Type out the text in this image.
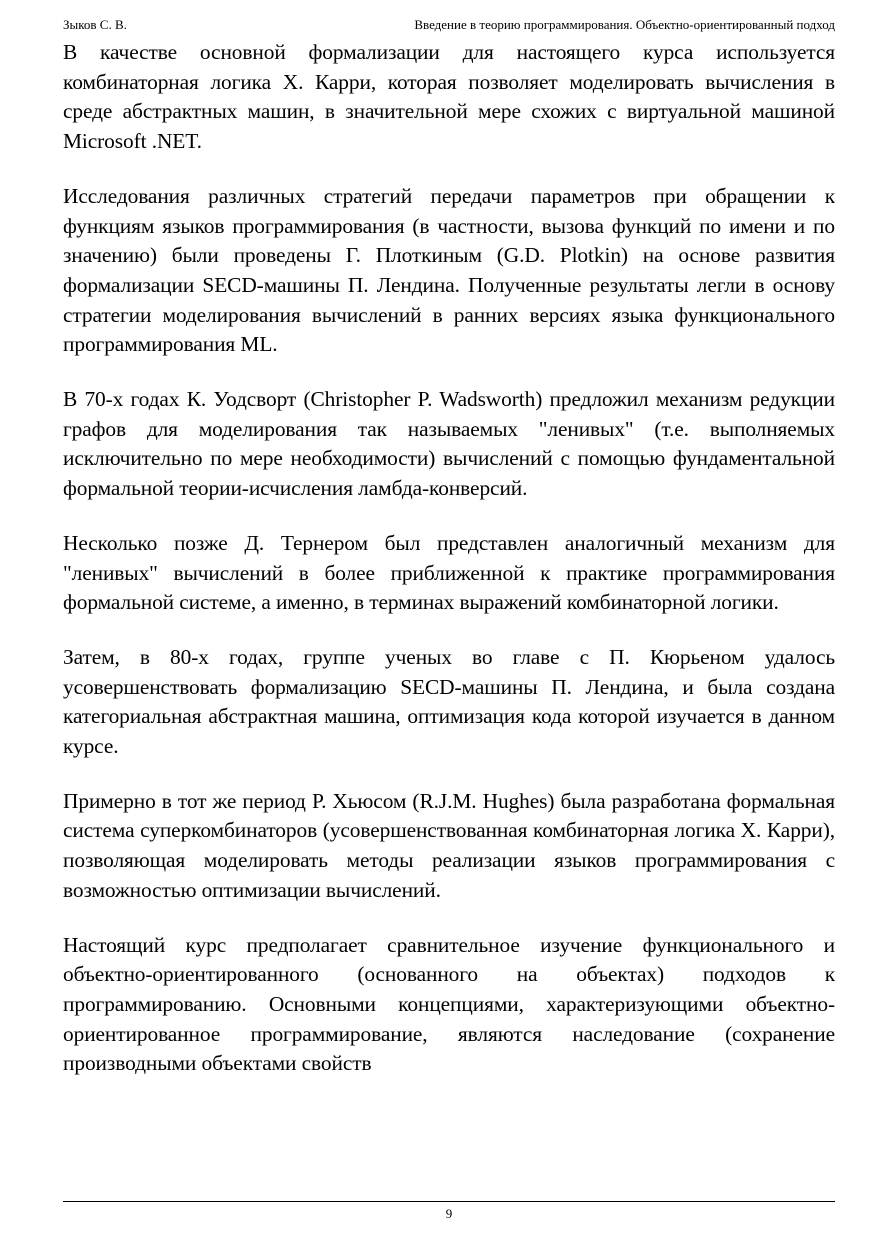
Зыков С. В.	Введение в теорию программирования. Объектно-ориентированный подход

В качестве основной формализации для настоящего курса используется комбинаторная логика Х. Карри, которая позволяет моделировать вычисления в среде абстрактных машин, в значительной мере схожих с виртуальной машиной Microsoft .NET.

Исследования различных стратегий передачи параметров при обращении к функциям языков программирования (в частности, вызова функций по имени и по значению) были проведены Г. Плоткиным (G.D. Plotkin) на основе развития формализации SECD-машины П. Лендина. Полученные результаты легли в основу стратегии моделирования вычислений в ранних версиях языка функционального программирования ML.

В 70-х годах К. Уодсворт (Christopher P. Wadsworth) предложил механизм редукции графов для моделирования так называемых "ленивых" (т.е. выполняемых исключительно по мере необходимости) вычислений с помощью фундаментальной формальной теории-исчисления ламбда-конверсий.

Несколько позже Д. Тернером был представлен аналогичный механизм для "ленивых" вычислений в более приближенной к практике программирования формальной системе, а именно, в терминах выражений комбинаторной логики.

Затем, в 80-х годах, группе ученых во главе с П. Кюрьеном удалось усовершенствовать формализацию SECD-машины П. Лендина, и была создана категориальная абстрактная машина, оптимизация кода которой изучается в данном курсе.

Примерно в тот же период Р. Хьюсом (R.J.M. Hughes) была разработана формальная система суперкомбинаторов (усовершенствованная комбинаторная логика Х. Карри), позволяющая моделировать методы реализации языков программирования с возможностью оптимизации вычислений.

Настоящий курс предполагает сравнительное изучение функционального и объектно-ориентированного (основанного на объектах) подходов к программированию. Основными концепциями, характеризующими объектно-ориентированное программирование, являются наследование (сохранение производными объектами свойств

9
